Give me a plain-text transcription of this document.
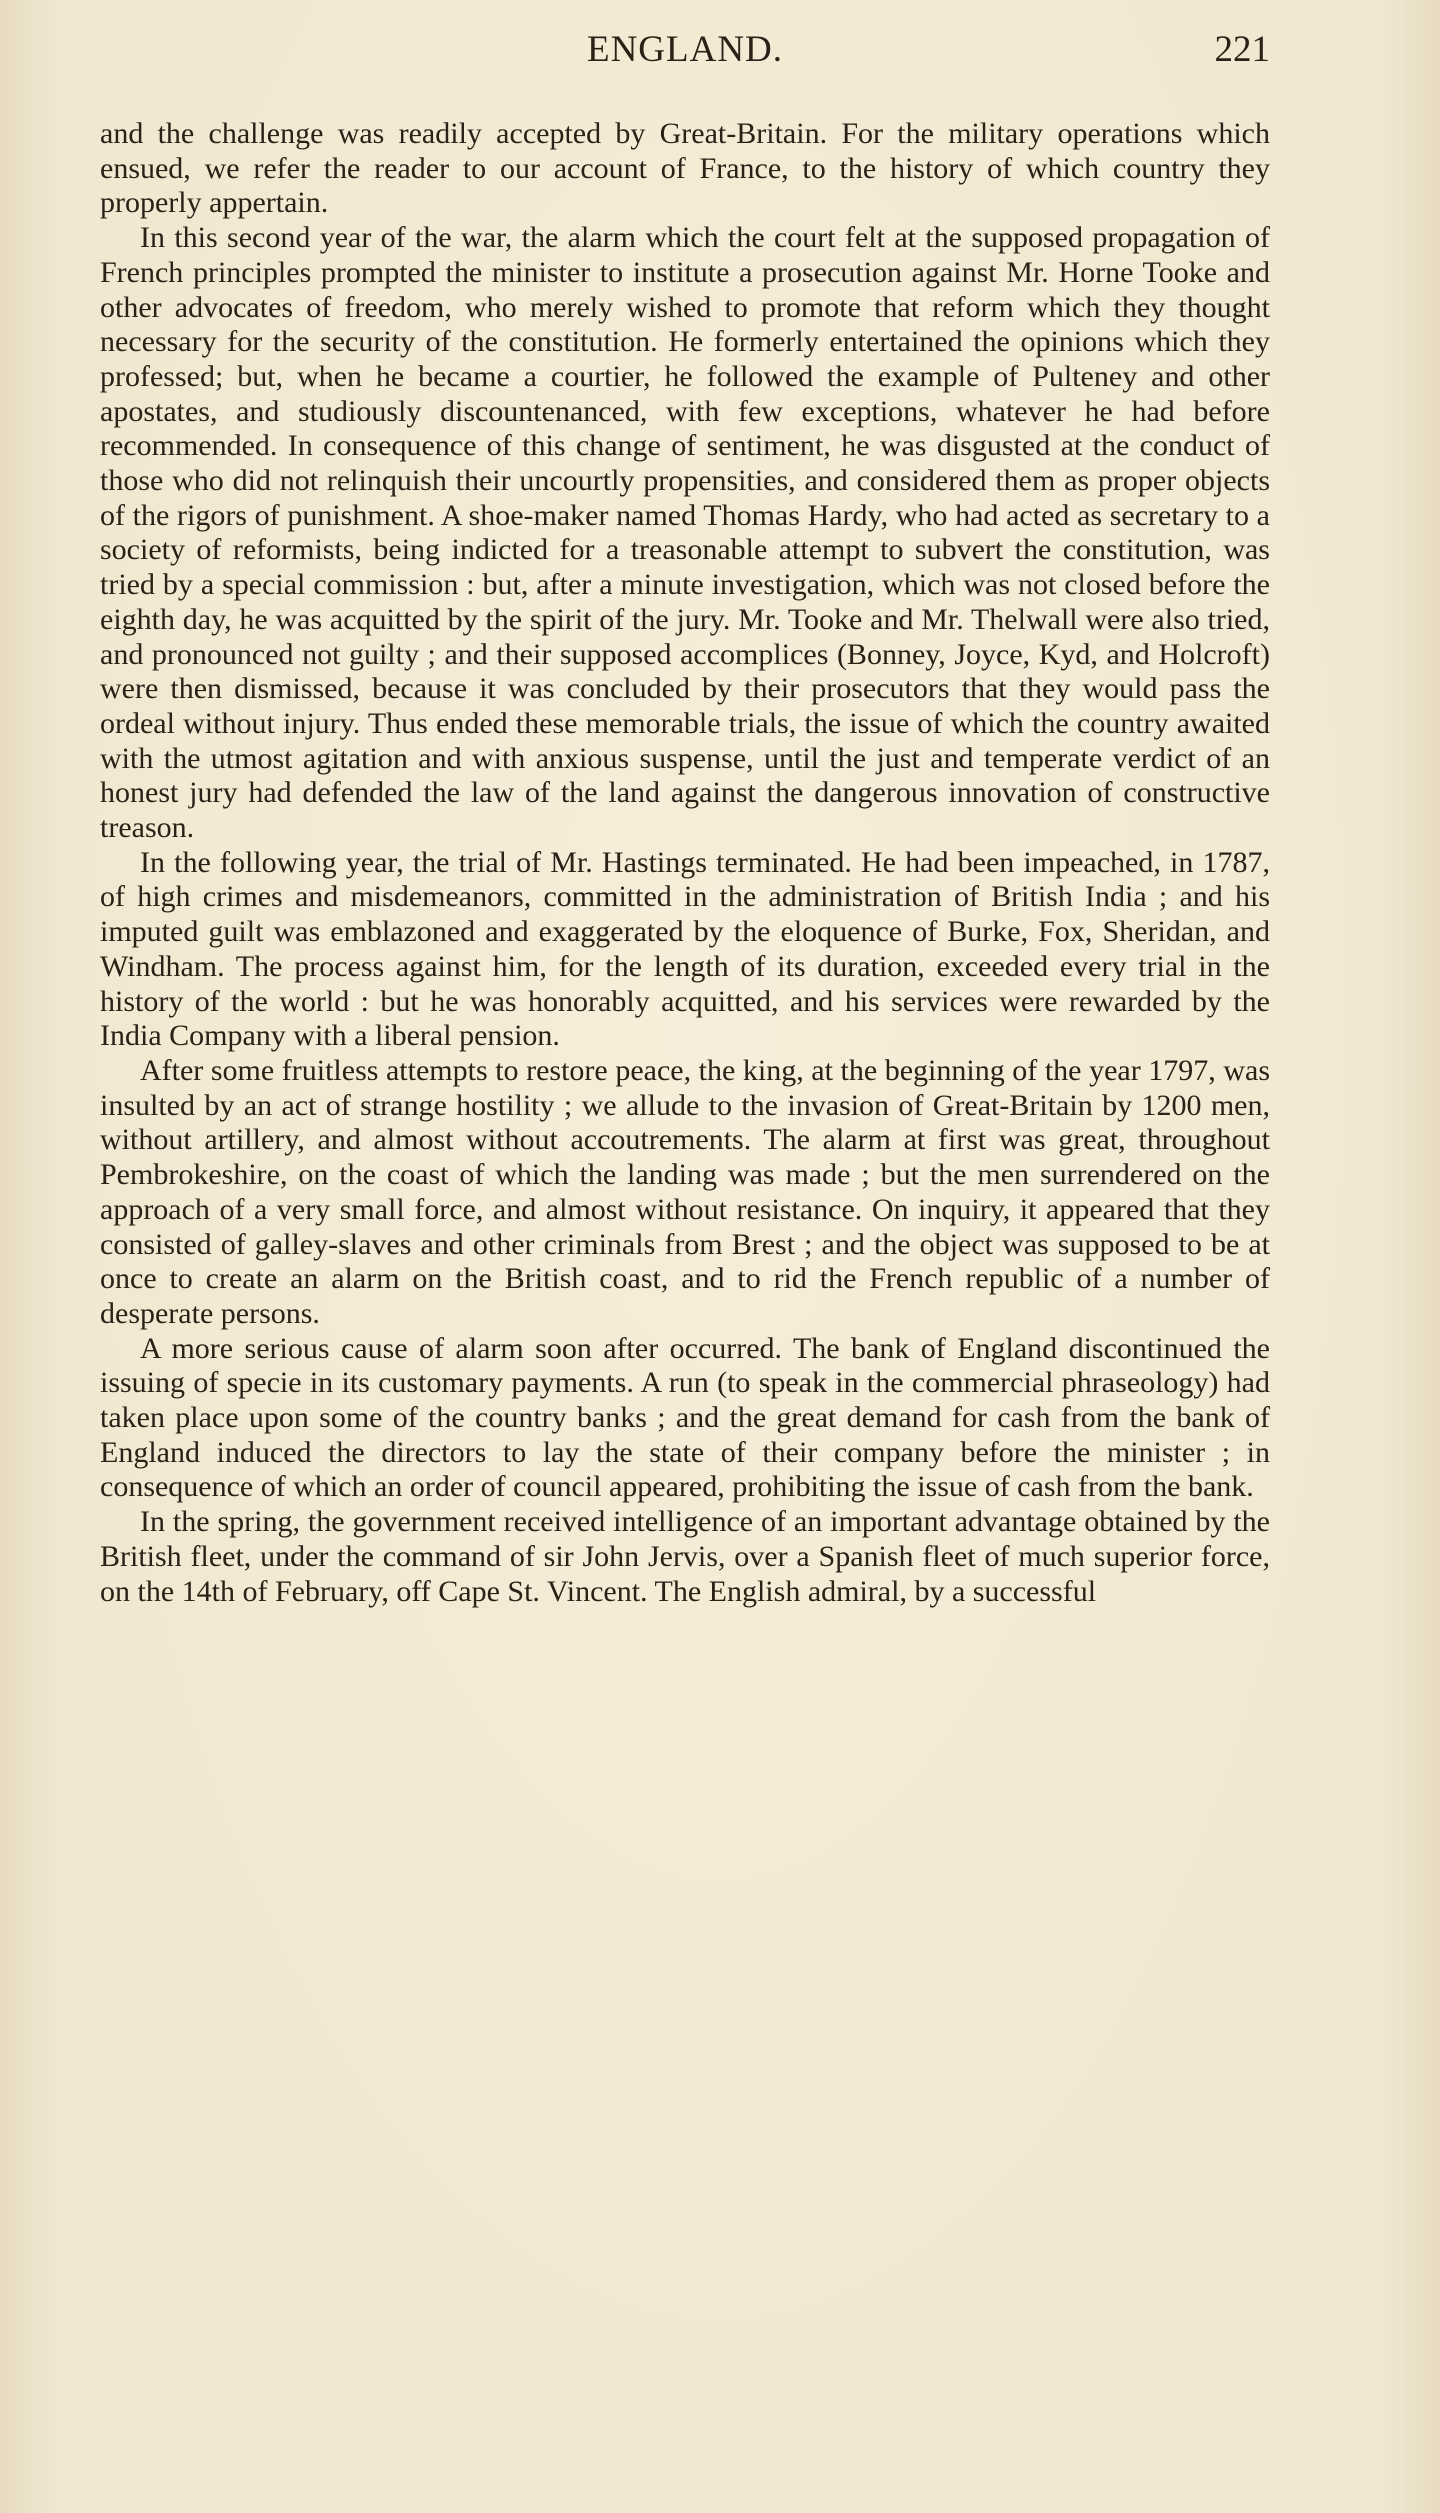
ENGLAND.	221

and the challenge was readily accepted by Great-Britain. For the military operations which ensued, we refer the reader to our account of France, to the history of which country they properly appertain.

In this second year of the war, the alarm which the court felt at the supposed propagation of French principles prompted the minister to institute a prosecution against Mr. Horne Tooke and other advocates of freedom, who merely wished to promote that reform which they thought necessary for the security of the constitution. He formerly entertained the opinions which they professed; but, when he became a courtier, he followed the example of Pulteney and other apostates, and studiously discountenanced, with few exceptions, whatever he had before recommended. In consequence of this change of sentiment, he was disgusted at the conduct of those who did not relinquish their uncourtly propensities, and considered them as proper objects of the rigors of punishment. A shoe-maker named Thomas Hardy, who had acted as secretary to a society of reformists, being indicted for a treasonable attempt to subvert the constitution, was tried by a special commission : but, after a minute investigation, which was not closed before the eighth day, he was acquitted by the spirit of the jury. Mr. Tooke and Mr. Thelwall were also tried, and pronounced not guilty ; and their supposed accomplices (Bonney, Joyce, Kyd, and Holcroft) were then dismissed, because it was concluded by their prosecutors that they would pass the ordeal without injury. Thus ended these memorable trials, the issue of which the country awaited with the utmost agitation and with anxious suspense, until the just and temperate verdict of an honest jury had defended the law of the land against the dangerous innovation of constructive treason.

In the following year, the trial of Mr. Hastings terminated. He had been impeached, in 1787, of high crimes and misdemeanors, committed in the administration of British India ; and his imputed guilt was emblazoned and exaggerated by the eloquence of Burke, Fox, Sheridan, and Windham. The process against him, for the length of its duration, exceeded every trial in the history of the world : but he was honorably acquitted, and his services were rewarded by the India Company with a liberal pension.

After some fruitless attempts to restore peace, the king, at the beginning of the year 1797, was insulted by an act of strange hostility ; we allude to the invasion of Great-Britain by 1200 men, without artillery, and almost without accoutrements. The alarm at first was great, throughout Pembrokeshire, on the coast of which the landing was made ; but the men surrendered on the approach of a very small force, and almost without resistance. On inquiry, it appeared that they consisted of galley-slaves and other criminals from Brest ; and the object was supposed to be at once to create an alarm on the British coast, and to rid the French republic of a number of desperate persons.

A more serious cause of alarm soon after occurred. The bank of England discontinued the issuing of specie in its customary payments. A run (to speak in the commercial phraseology) had taken place upon some of the country banks ; and the great demand for cash from the bank of England induced the directors to lay the state of their company before the minister ; in consequence of which an order of council appeared, prohibiting the issue of cash from the bank.

In the spring, the government received intelligence of an important advantage obtained by the British fleet, under the command of sir John Jervis, over a Spanish fleet of much superior force, on the 14th of February, off Cape St. Vincent. The English admiral, by a successful
